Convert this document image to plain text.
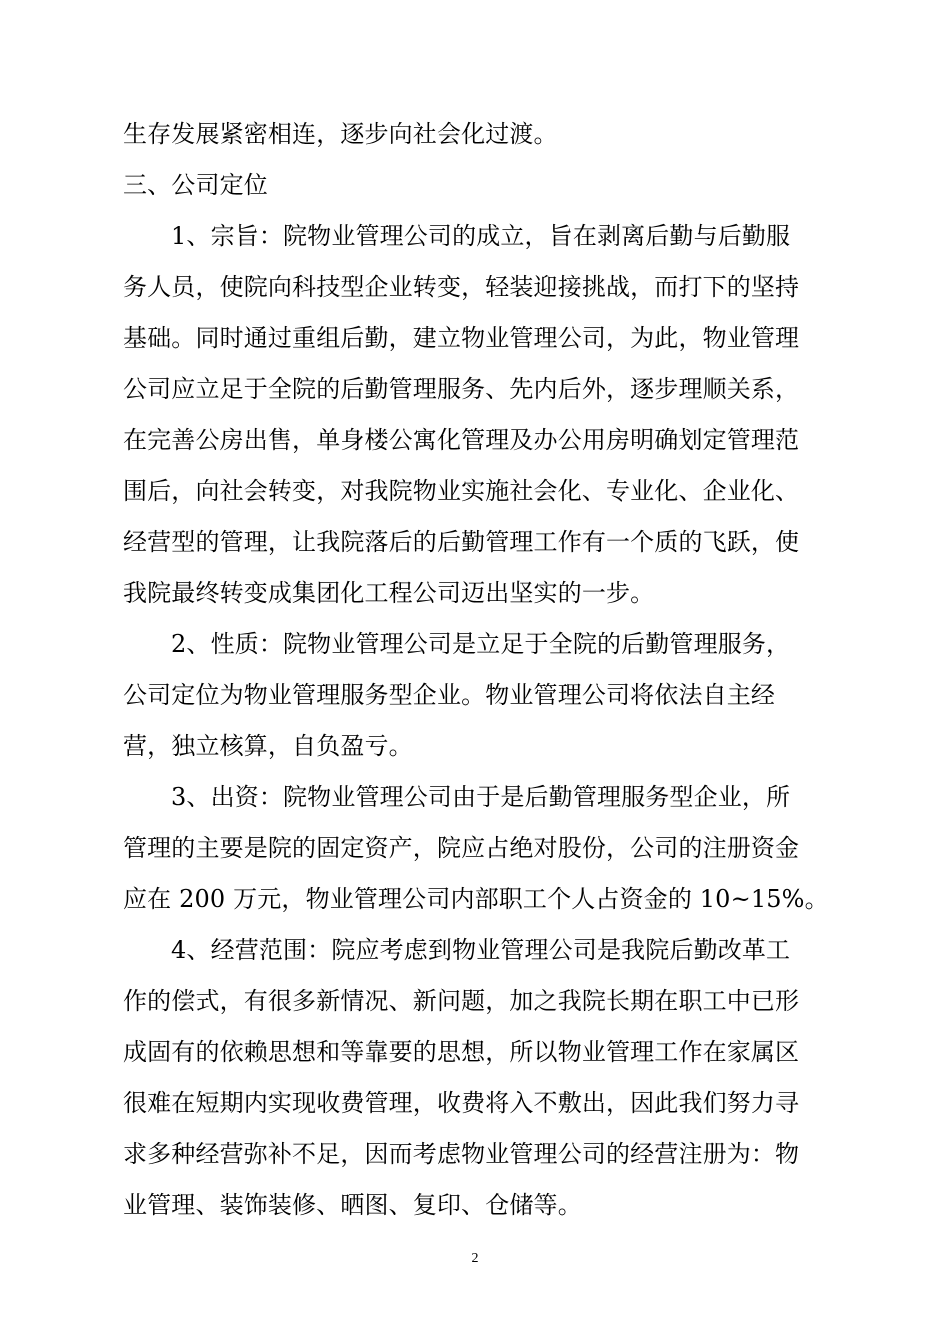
生存发展紧密相连，逐步向社会化过渡。
三、公司定位
1、宗旨：院物业管理公司的成立，旨在剥离后勤与后勤服
务人员，使院向科技型企业转变，轻装迎接挑战，而打下的坚持
基础。同时通过重组后勤，建立物业管理公司，为此，物业管理
公司应立足于全院的后勤管理服务、先内后外，逐步理顺关系，
在完善公房出售，单身楼公寓化管理及办公用房明确划定管理范
围后，向社会转变，对我院物业实施社会化、专业化、企业化、
经营型的管理，让我院落后的后勤管理工作有一个质的飞跃，使
我院最终转变成集团化工程公司迈出坚实的一步。
2、性质：院物业管理公司是立足于全院的后勤管理服务，
公司定位为物业管理服务型企业。物业管理公司将依法自主经
营，独立核算，自负盈亏。
3、出资：院物业管理公司由于是后勤管理服务型企业，所
管理的主要是院的固定资产，院应占绝对股份，公司的注册资金
应在 200 万元，物业管理公司内部职工个人占资金的 10~15%。
4、经营范围：院应考虑到物业管理公司是我院后勤改革工
作的偿式，有很多新情况、新问题，加之我院长期在职工中已形
成固有的依赖思想和等靠要的思想，所以物业管理工作在家属区
很难在短期内实现收费管理，收费将入不敷出，因此我们努力寻
求多种经营弥补不足，因而考虑物业管理公司的经营注册为：物
业管理、装饰装修、晒图、复印、仓储等。
2
